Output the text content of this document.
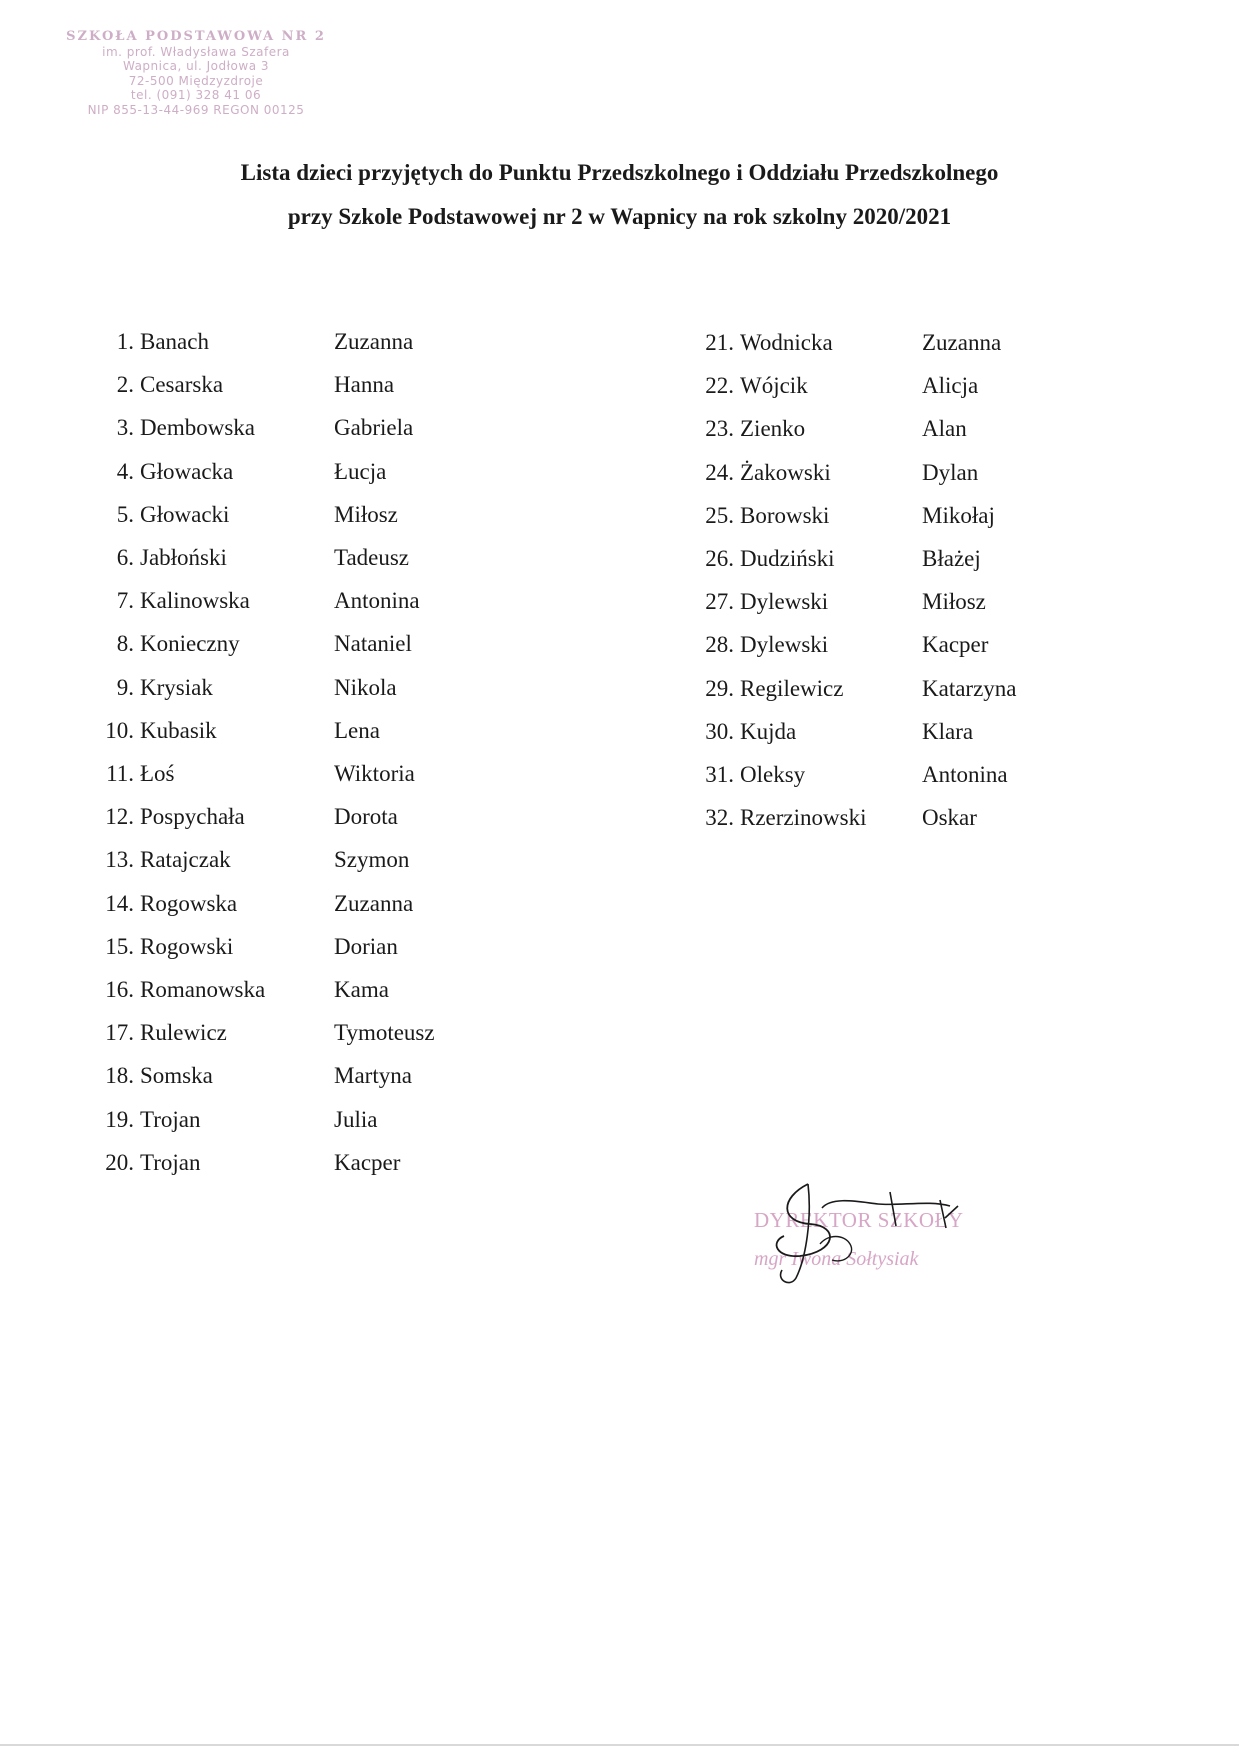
SZKOŁA PODSTAWOWA NR 2
im. prof. Władysława Szafera
Wapnica, ul. Jodłowa 3
72-500 Międzyzdroje
tel. (091) 328 41 06
NIP 855-13-44-969 REGON 00125
Lista dzieci przyjętych do Punktu Przedszkolnego i Oddziału Przedszkolnego
przy Szkole Podstawowej nr 2 w Wapnicy na rok szkolny 2020/2021
1. Banach	Zuzanna
2. Cesarska	Hanna
3. Dembowska	Gabriela
4. Głowacka	Łucja
5. Głowacki	Miłosz
6. Jabłoński	Tadeusz
7. Kalinowska	Antonina
8. Konieczny	Nataniel
9. Krysiak	Nikola
10. Kubasik	Lena
11. Łoś	Wiktoria
12. Pospychała	Dorota
13. Ratajczak	Szymon
14. Rogowska	Zuzanna
15. Rogowski	Dorian
16. Romanowska	Kama
17. Rulewicz	Tymoteusz
18. Somska	Martyna
19. Trojan	Julia
20. Trojan	Kacper
21. Wodnicka	Zuzanna
22. Wójcik	Alicja
23. Zienko	Alan
24. Żakowski	Dylan
25. Borowski	Mikołaj
26. Dudziński	Błażej
27. Dylewski	Miłosz
28. Dylewski	Kacper
29. Regilewicz	Katarzyna
30. Kujda	Klara
31. Oleksy	Antonina
32. Rzerzinowski Oskar
DYREKTOR SZKOŁY
mgr Iwona Sołtysiak
